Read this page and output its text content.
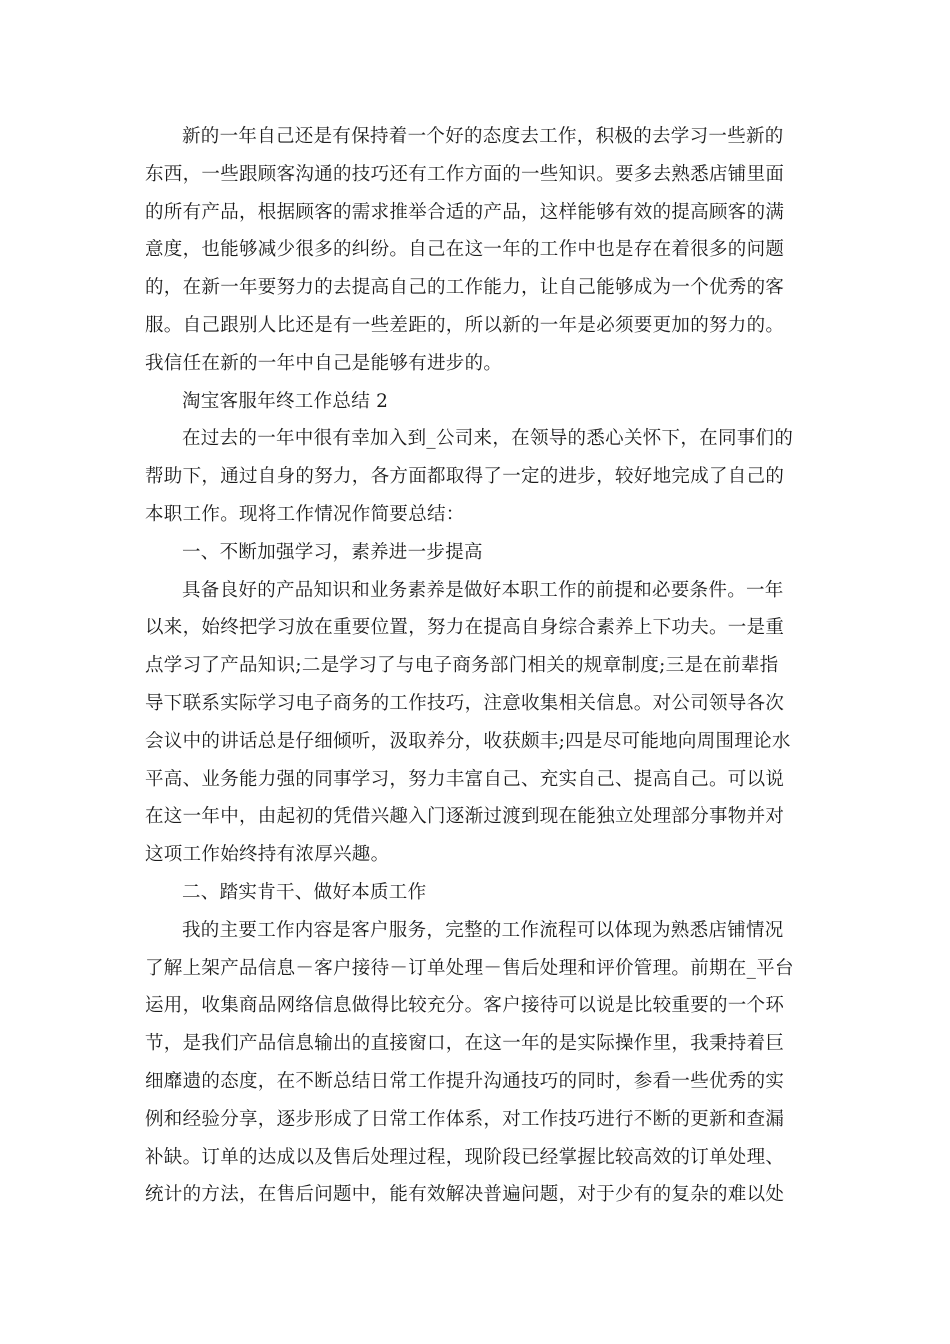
新的一年自己还是有保持着一个好的态度去工作，积极的去学习一些新的
东西，一些跟顾客沟通的技巧还有工作方面的一些知识。要多去熟悉店铺里面
的所有产品，根据顾客的需求推举合适的产品，这样能够有效的提高顾客的满
意度，也能够减少很多的纠纷。自己在这一年的工作中也是存在着很多的问题
的，在新一年要努力的去提高自己的工作能力，让自己能够成为一个优秀的客
服。自己跟别人比还是有一些差距的，所以新的一年是必须要更加的努力的。
我信任在新的一年中自己是能够有进步的。
淘宝客服年终工作总结 2
在过去的一年中很有幸加入到_公司来，在领导的悉心关怀下，在同事们的
帮助下，通过自身的努力，各方面都取得了一定的进步，较好地完成了自己的
本职工作。现将工作情况作简要总结：
一、不断加强学习，素养进一步提高
具备良好的产品知识和业务素养是做好本职工作的前提和必要条件。一年
以来，始终把学习放在重要位置，努力在提高自身综合素养上下功夫。一是重
点学习了产品知识;二是学习了与电子商务部门相关的规章制度;三是在前辈指
导下联系实际学习电子商务的工作技巧，注意收集相关信息。对公司领导各次
会议中的讲话总是仔细倾听，汲取养分，收获颇丰;四是尽可能地向周围理论水
平高、业务能力强的同事学习，努力丰富自己、充实自己、提高自己。可以说
在这一年中，由起初的凭借兴趣入门逐渐过渡到现在能独立处理部分事物并对
这项工作始终持有浓厚兴趣。
二、踏实肯干、做好本质工作
我的主要工作内容是客户服务，完整的工作流程可以体现为熟悉店铺情况
了解上架产品信息－客户接待－订单处理－售后处理和评价管理。前期在_平台
运用，收集商品网络信息做得比较充分。客户接待可以说是比较重要的一个环
节，是我们产品信息输出的直接窗口，在这一年的是实际操作里，我秉持着巨
细靡遗的态度，在不断总结日常工作提升沟通技巧的同时，参看一些优秀的实
例和经验分享，逐步形成了日常工作体系，对工作技巧进行不断的更新和查漏
补缺。订单的达成以及售后处理过程，现阶段已经掌握比较高效的订单处理、
统计的方法，在售后问题中，能有效解决普遍问题，对于少有的复杂的难以处
